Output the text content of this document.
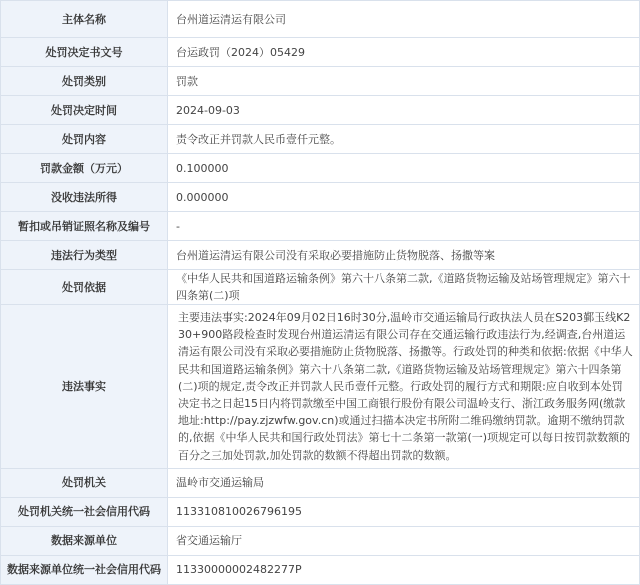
主体名称	台州道运清运有限公司
处罚决定书文号	台运政罚（2024）05429
处罚类别	罚款
处罚决定时间	2024-09-03
处罚内容	责令改正并罚款人民币壹仟元整。
罚款金额（万元）	0.100000
没收违法所得	0.000000
暂扣或吊销证照名称及编号	-
违法行为类型	台州道运清运有限公司没有采取必要措施防止货物脱落、扬撒等案
处罚依据	《中华人民共和国道路运输条例》第六十八条第二款,《道路货物运输及站场管理规定》第六十四条第(二)项
违法事实	主要违法事实:2024年09月02日16时30分,温岭市交通运输局行政执法人员在S203鄞玉线K230+900路段检查时发现台州道运清运有限公司存在交通运输行政违法行为,经调查,台州道运清运有限公司没有采取必要措施防止货物脱落、扬撒等。行政处罚的种类和依据:依据《中华人民共和国道路运输条例》第六十八条第二款,《道路货物运输及站场管理规定》第六十四条第(二)项的规定,责令改正并罚款人民币壹仟元整。行政处罚的履行方式和期限:应自收到本处罚决定书之日起15日内将罚款缴至中国工商银行股份有限公司温岭支行、浙江政务服务网(缴款地址:http://pay.zjzwfw.gov.cn)或通过扫描本决定书所附二维码缴纳罚款。逾期不缴纳罚款的,依据《中华人民共和国行政处罚法》第七十二条第一款第(一)项规定可以每日按罚款数额的百分之三加处罚款,加处罚款的数额不得超出罚款的数额。
处罚机关	温岭市交通运输局
处罚机关统一社会信用代码	113310810026796195
数据来源单位	省交通运输厅
数据来源单位统一社会信用代码	11330000002482277P
